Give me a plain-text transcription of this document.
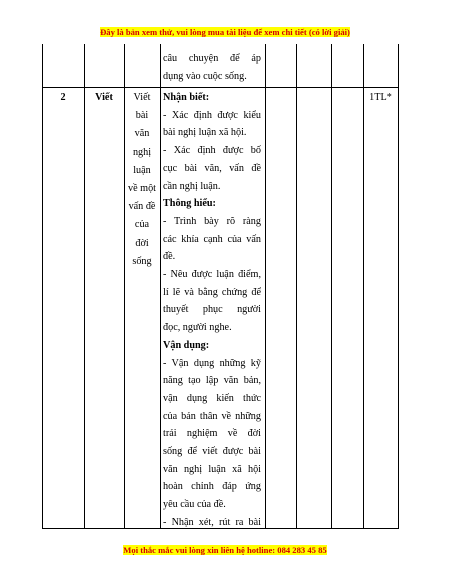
Đây là bản xem thử, vui lòng mua tài liệu để xem chi tiết (có lời giải)
câu chuyện để áp
dụng vào cuộc sống.
2	Viết	Viết
bài
văn
nghị
luận
về một
vấn đề
của
đời
sống
Nhận biết:
- Xác định được kiểu
bài nghị luận xã hội.
- Xác định được bố
cục bài văn, vấn đề
cần nghị luận.
Thông hiểu:
- Trình bày rõ ràng
các khía cạnh của vấn
đề.
- Nêu được luận điểm,
lí lẽ và bằng chứng để
thuyết phục người
đọc, người nghe.
Vận dụng:
- Vận dụng những kỹ
năng tạo lập văn bản,
vận dụng kiến thức
của bản thân về những
trải nghiệm về đời
sống để viết được bài
văn nghị luận xã hội
hoàn chỉnh đáp ứng
yêu cầu của đề.
- Nhận xét, rút ra bài
1TL*
Mọi thắc mắc vui lòng xin liên hệ hotline: 084 283 45 85
